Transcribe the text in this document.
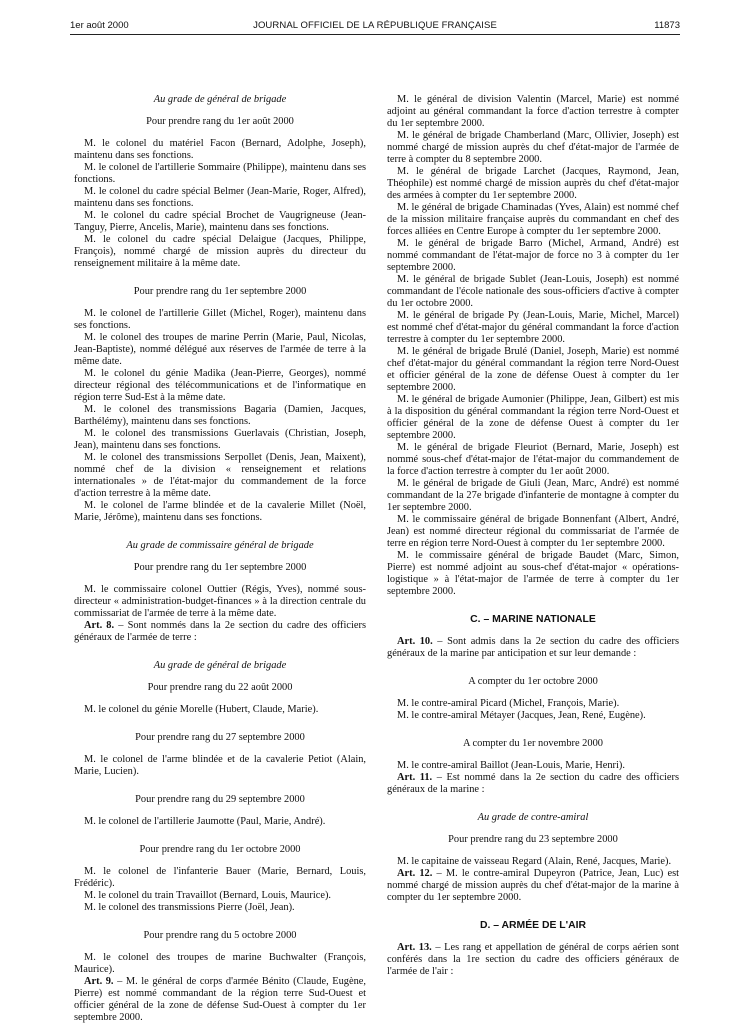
1er août 2000	JOURNAL OFFICIEL DE LA RÉPUBLIQUE FRANÇAISE	11873

Au grade de général de brigade

Pour prendre rang du 1er août 2000

M. le colonel du matériel Facon (Bernard, Adolphe, Joseph), maintenu dans ses fonctions.

M. le colonel de l'artillerie Sommaire (Philippe), maintenu dans ses fonctions.

M. le colonel du cadre spécial Belmer (Jean-Marie, Roger, Alfred), maintenu dans ses fonctions.

M. le colonel du cadre spécial Brochet de Vaugrigneuse (Jean-Tanguy, Pierre, Ancelis, Marie), maintenu dans ses fonctions.

M. le colonel du cadre spécial Delaigue (Jacques, Philippe, François), nommé chargé de mission auprès du directeur du renseignement militaire à la même date.

Pour prendre rang du 1er septembre 2000

M. le colonel de l'artillerie Gillet (Michel, Roger), maintenu dans ses fonctions.

M. le colonel des troupes de marine Perrin (Marie, Paul, Nicolas, Jean-Baptiste), nommé délégué aux réserves de l'armée de terre à la même date.

M. le colonel du génie Madika (Jean-Pierre, Georges), nommé directeur régional des télécommunications et de l'informatique en région terre Sud-Est à la même date.

M. le colonel des transmissions Bagaria (Damien, Jacques, Barthélémy), maintenu dans ses fonctions.

M. le colonel des transmissions Guerlavais (Christian, Joseph, Jean), maintenu dans ses fonctions.

M. le colonel des transmissions Serpollet (Denis, Jean, Maixent), nommé chef de la division « renseignement et relations internationales » de l'état-major du commandement de la force d'action terrestre à la même date.

M. le colonel de l'arme blindée et de la cavalerie Millet (Noël, Marie, Jérôme), maintenu dans ses fonctions.

Au grade de commissaire général de brigade

Pour prendre rang du 1er septembre 2000

M. le commissaire colonel Outtier (Régis, Yves), nommé sous-directeur « administration-budget-finances » à la direction centrale du commissariat de l'armée de terre à la même date.

Art. 8. – Sont nommés dans la 2e section du cadre des officiers généraux de l'armée de terre :

Au grade de général de brigade

Pour prendre rang du 22 août 2000

M. le colonel du génie Morelle (Hubert, Claude, Marie).

Pour prendre rang du 27 septembre 2000

M. le colonel de l'arme blindée et de la cavalerie Petiot (Alain, Marie, Lucien).

Pour prendre rang du 29 septembre 2000

M. le colonel de l'artillerie Jaumotte (Paul, Marie, André).

Pour prendre rang du 1er octobre 2000

M. le colonel de l'infanterie Bauer (Marie, Bernard, Louis, Frédéric).

M. le colonel du train Travaillot (Bernard, Louis, Maurice).

M. le colonel des transmissions Pierre (Joël, Jean).

Pour prendre rang du 5 octobre 2000

M. le colonel des troupes de marine Buchwalter (François, Maurice).

Art. 9. – M. le général de corps d'armée Bénito (Claude, Eugène, Pierre) est nommé commandant de la région terre Sud-Ouest et officier général de la zone de défense Sud-Ouest à compter du 1er septembre 2000.

M. le général de division Valentin (Marcel, Marie) est nommé adjoint au général commandant la force d'action terrestre à compter du 1er septembre 2000.

M. le général de brigade Chamberland (Marc, Ollivier, Joseph) est nommé chargé de mission auprès du chef d'état-major de l'armée de terre à compter du 8 septembre 2000.

M. le général de brigade Larchet (Jacques, Raymond, Jean, Théophile) est nommé chargé de mission auprès du chef d'état-major des armées à compter du 1er septembre 2000.

M. le général de brigade Chaminadas (Yves, Alain) est nommé chef de la mission militaire française auprès du commandant en chef des forces alliées en Centre Europe à compter du 1er septembre 2000.

M. le général de brigade Barro (Michel, Armand, André) est nommé commandant de l'état-major de force no 3 à compter du 1er septembre 2000.

M. le général de brigade Sublet (Jean-Louis, Joseph) est nommé commandant de l'école nationale des sous-officiers d'active à compter du 1er octobre 2000.

M. le général de brigade Py (Jean-Louis, Marie, Michel, Marcel) est nommé chef d'état-major du général commandant la force d'action terrestre à compter du 1er septembre 2000.

M. le général de brigade Brulé (Daniel, Joseph, Marie) est nommé chef d'état-major du général commandant la région terre Nord-Ouest et officier général de la zone de défense Ouest à compter du 1er septembre 2000.

M. le général de brigade Aumonier (Philippe, Jean, Gilbert) est mis à la disposition du général commandant la région terre Nord-Ouest et officier général de la zone de défense Ouest à compter du 1er septembre 2000.

M. le général de brigade Fleuriot (Bernard, Marie, Joseph) est nommé sous-chef d'état-major de l'état-major du commandement de la force d'action terrestre à compter du 1er août 2000.

M. le général de brigade de Giuli (Jean, Marc, André) est nommé commandant de la 27e brigade d'infanterie de montagne à compter du 1er septembre 2000.

M. le commissaire général de brigade Bonnenfant (Albert, André, Jean) est nommé directeur régional du commissariat de l'armée de terre en région terre Nord-Ouest à compter du 1er septembre 2000.

M. le commissaire général de brigade Baudet (Marc, Simon, Pierre) est nommé adjoint au sous-chef d'état-major « opérations-logistique » à l'état-major de l'armée de terre à compter du 1er septembre 2000.

C. – MARINE NATIONALE

Art. 10. – Sont admis dans la 2e section du cadre des officiers généraux de la marine par anticipation et sur leur demande :

A compter du 1er octobre 2000

M. le contre-amiral Picard (Michel, François, Marie).

M. le contre-amiral Métayer (Jacques, Jean, René, Eugène).

A compter du 1er novembre 2000

M. le contre-amiral Baillot (Jean-Louis, Marie, Henri).

Art. 11. – Est nommé dans la 2e section du cadre des officiers généraux de la marine :

Au grade de contre-amiral

Pour prendre rang du 23 septembre 2000

M. le capitaine de vaisseau Regard (Alain, René, Jacques, Marie).

Art. 12. – M. le contre-amiral Dupeyron (Patrice, Jean, Luc) est nommé chargé de mission auprès du chef d'état-major de la marine à compter du 1er septembre 2000.

D. – ARMÉE DE L'AIR

Art. 13. – Les rang et appellation de général de corps aérien sont conférés dans la 1re section du cadre des officiers généraux de l'armée de l'air :
